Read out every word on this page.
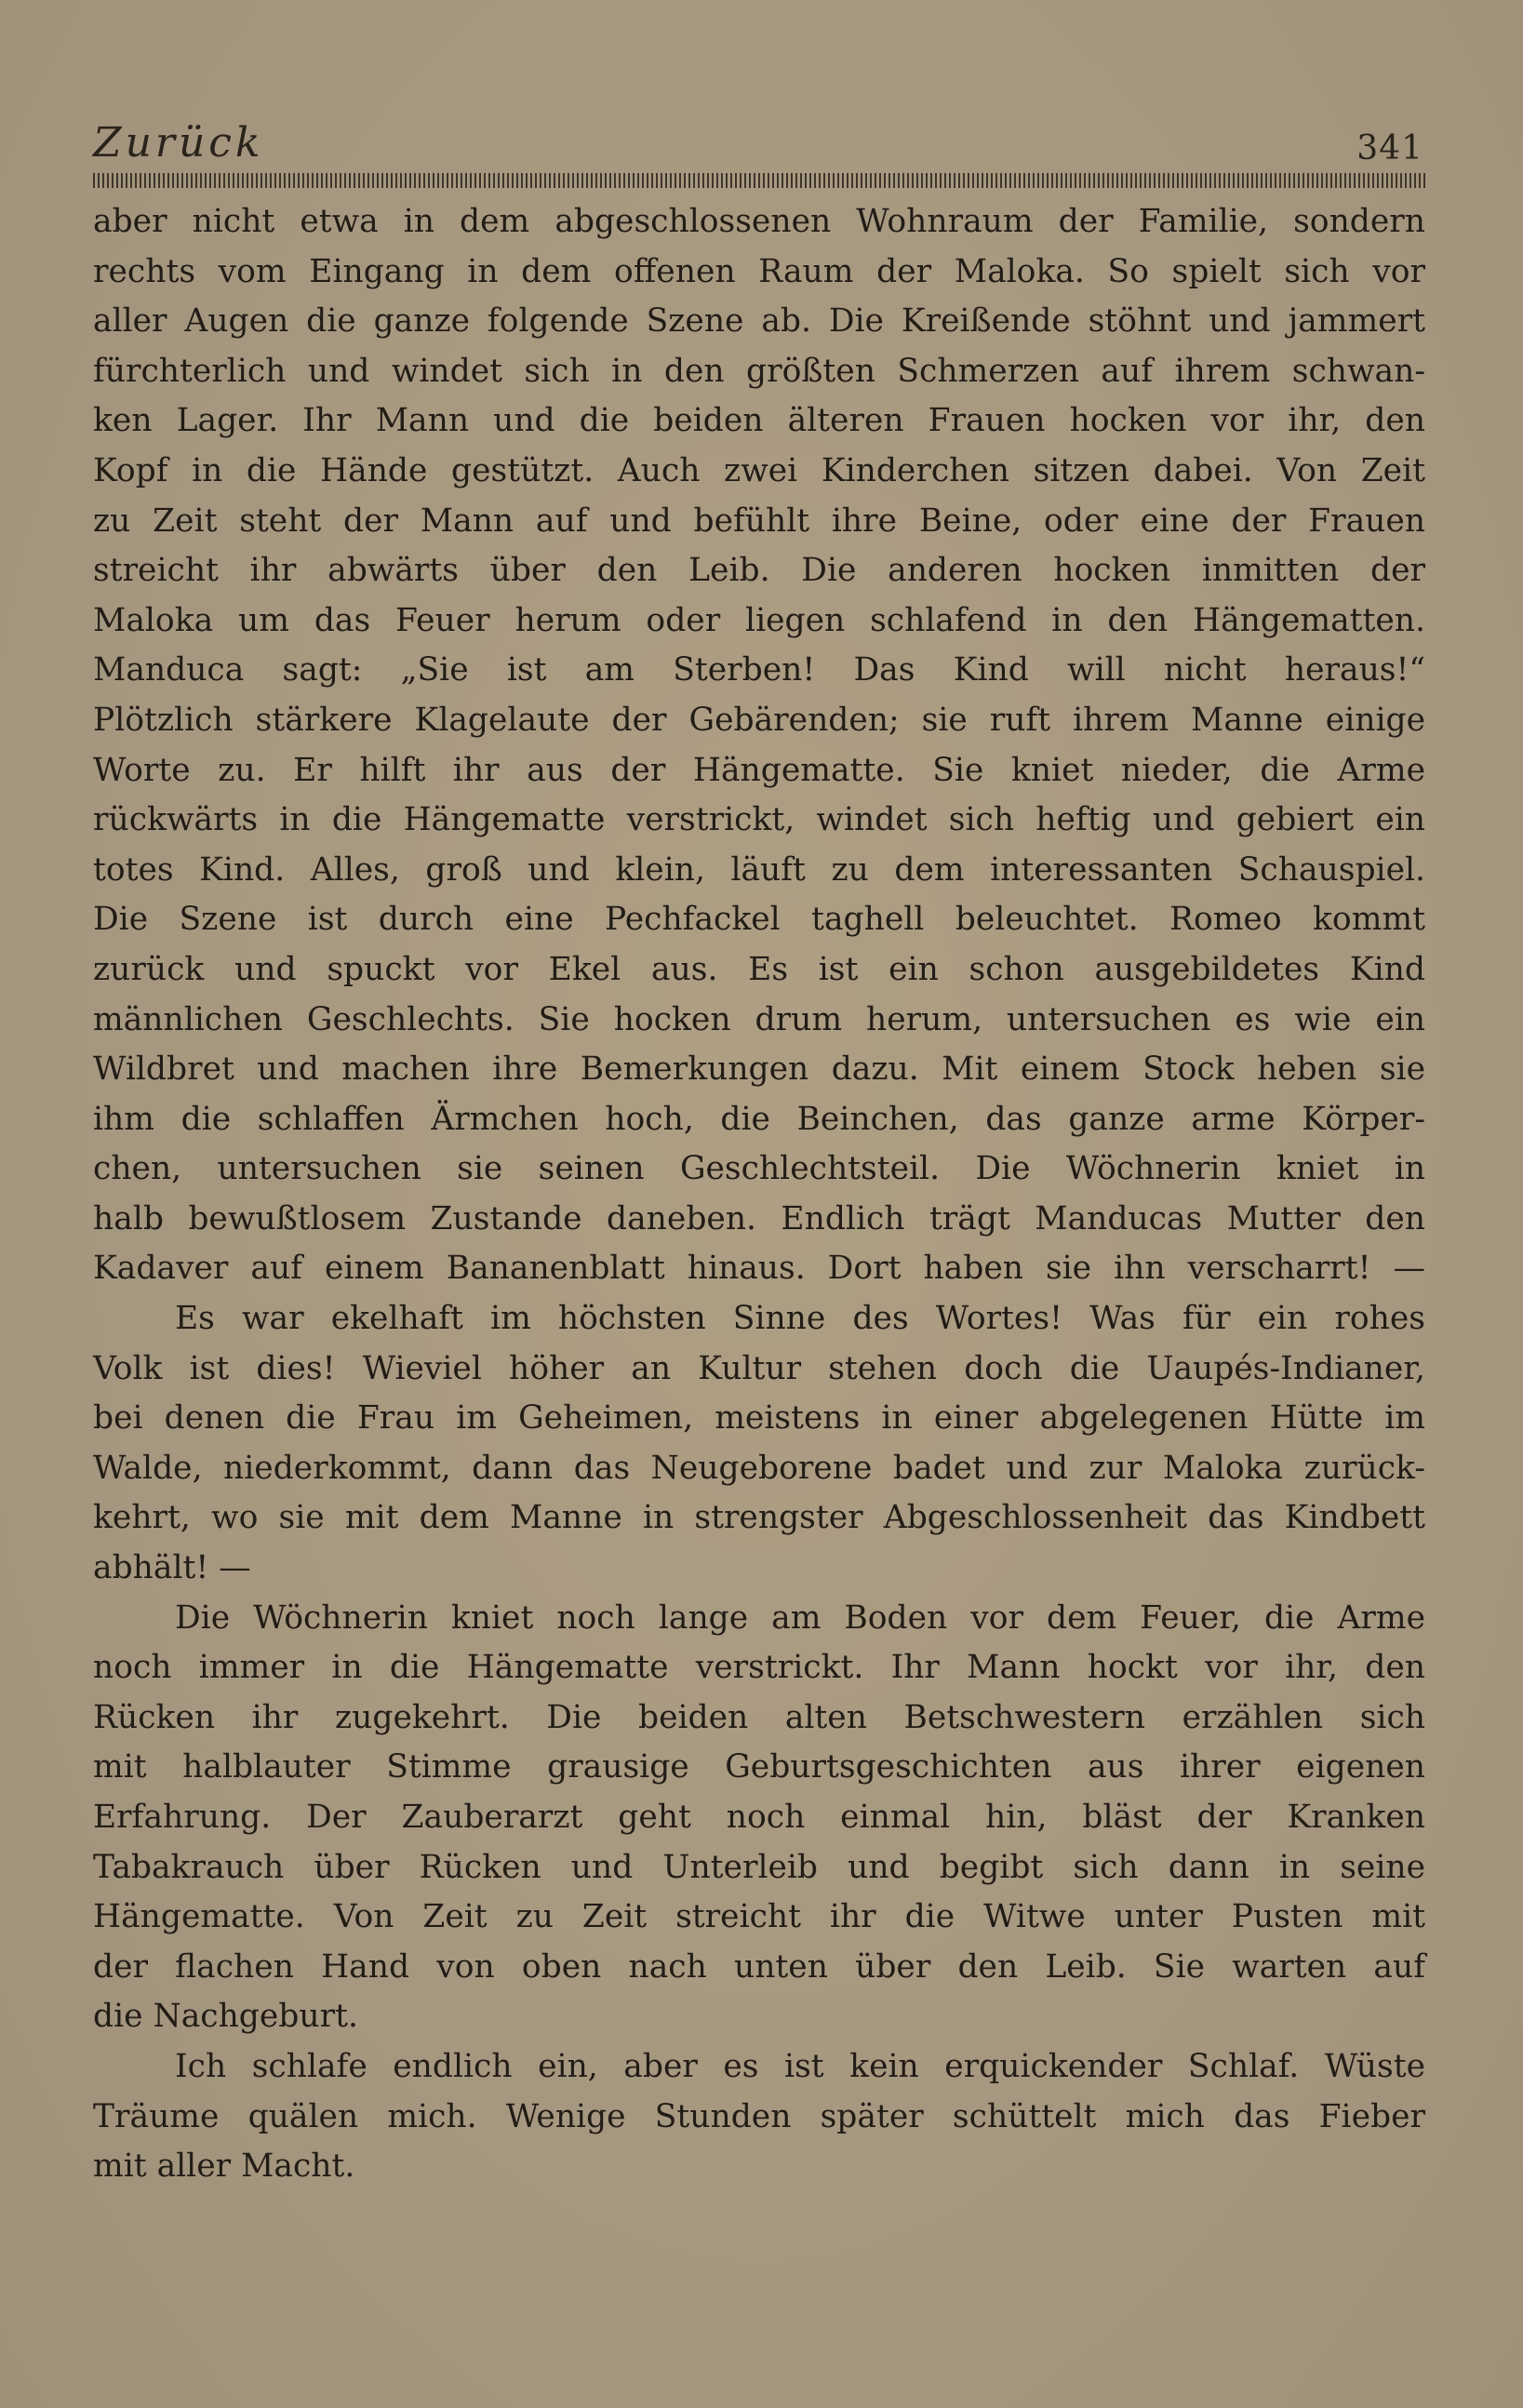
Zurück	341
aber nicht etwa in dem abgeschlossenen Wohnraum der Familie, sondern
rechts vom Eingang in dem offenen Raum der Maloka. So spielt sich vor
aller Augen die ganze folgende Szene ab. Die Kreißende stöhnt und jammert
fürchterlich und windet sich in den größten Schmerzen auf ihrem schwan-
ken Lager. Ihr Mann und die beiden älteren Frauen hocken vor ihr, den
Kopf in die Hände gestützt. Auch zwei Kinderchen sitzen dabei. Von Zeit
zu Zeit steht der Mann auf und befühlt ihre Beine, oder eine der Frauen
streicht ihr abwärts über den Leib. Die anderen hocken inmitten der
Maloka um das Feuer herum oder liegen schlafend in den Hängematten.
Manduca sagt: „Sie ist am Sterben! Das Kind will nicht heraus!“
Plötzlich stärkere Klagelaute der Gebärenden; sie ruft ihrem Manne einige
Worte zu. Er hilft ihr aus der Hängematte. Sie kniet nieder, die Arme
rückwärts in die Hängematte verstrickt, windet sich heftig und gebiert ein
totes Kind. Alles, groß und klein, läuft zu dem interessanten Schauspiel.
Die Szene ist durch eine Pechfackel taghell beleuchtet. Romeo kommt
zurück und spuckt vor Ekel aus. Es ist ein schon ausgebildetes Kind
männlichen Geschlechts. Sie hocken drum herum, untersuchen es wie ein
Wildbret und machen ihre Bemerkungen dazu. Mit einem Stock heben sie
ihm die schlaffen Ärmchen hoch, die Beinchen, das ganze arme Körper-
chen, untersuchen sie seinen Geschlechtsteil. Die Wöchnerin kniet in
halb bewußtlosem Zustande daneben. Endlich trägt Manducas Mutter den
Kadaver auf einem Bananenblatt hinaus. Dort haben sie ihn verscharrt! —
Es war ekelhaft im höchsten Sinne des Wortes! Was für ein rohes
Volk ist dies! Wieviel höher an Kultur stehen doch die Uaupés-Indianer,
bei denen die Frau im Geheimen, meistens in einer abgelegenen Hütte im
Walde, niederkommt, dann das Neugeborene badet und zur Maloka zurück-
kehrt, wo sie mit dem Manne in strengster Abgeschlossenheit das Kindbett
abhält! —
Die Wöchnerin kniet noch lange am Boden vor dem Feuer, die Arme
noch immer in die Hängematte verstrickt. Ihr Mann hockt vor ihr, den
Rücken ihr zugekehrt. Die beiden alten Betschwestern erzählen sich
mit halblauter Stimme grausige Geburtsgeschichten aus ihrer eigenen
Erfahrung. Der Zauberarzt geht noch einmal hin, bläst der Kranken
Tabakrauch über Rücken und Unterleib und begibt sich dann in seine
Hängematte. Von Zeit zu Zeit streicht ihr die Witwe unter Pusten mit
der flachen Hand von oben nach unten über den Leib. Sie warten auf
die Nachgeburt.
Ich schlafe endlich ein, aber es ist kein erquickender Schlaf. Wüste
Träume quälen mich. Wenige Stunden später schüttelt mich das Fieber
mit aller Macht.
